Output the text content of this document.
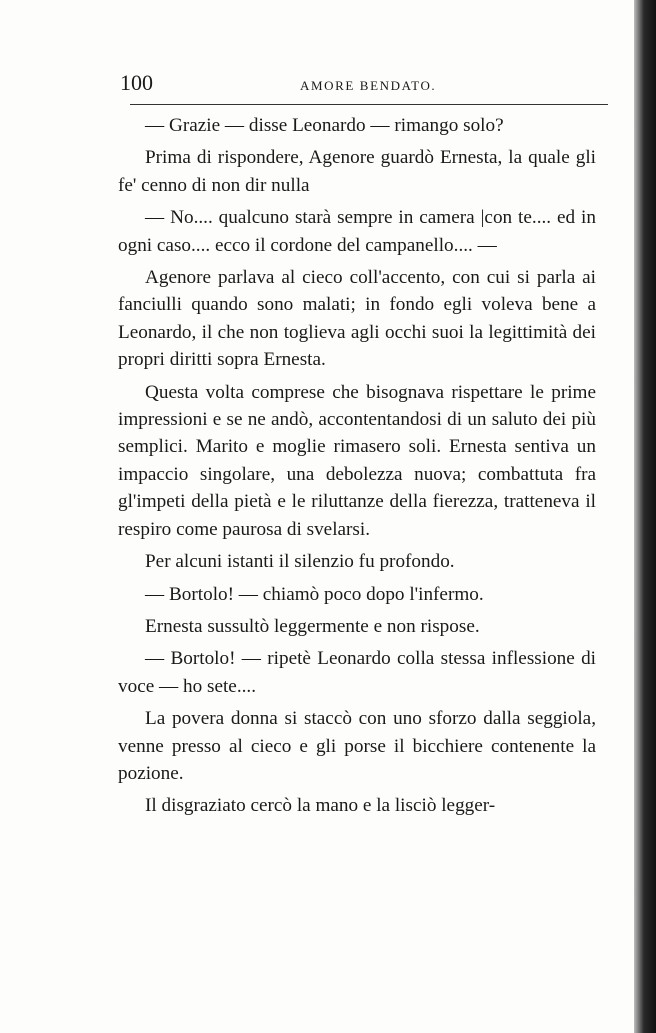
100	AMORE BENDATO.

— Grazie — disse Leonardo — rimango solo?

Prima di rispondere, Agenore guardò Ernesta, la quale gli fe' cenno di non dir nulla

— No.... qualcuno starà sempre in camera |con te.... ed in ogni caso.... ecco il cordone del campanello.... —

Agenore parlava al cieco coll'accento, con cui si parla ai fanciulli quando sono malati; in fondo egli voleva bene a Leonardo, il che non toglieva agli occhi suoi la legittimità dei propri diritti sopra Ernesta.

Questa volta comprese che bisognava rispettare le prime impressioni e se ne andò, accontentandosi di un saluto dei più semplici. Marito e moglie rimasero soli. Ernesta sentiva un impaccio singolare, una debolezza nuova; combattuta fra gl'impeti della pietà e le riluttanze della fierezza, tratteneva il respiro come paurosa di svelarsi.

Per alcuni istanti il silenzio fu profondo.

— Bortolo! — chiamò poco dopo l'infermo.

Ernesta sussultò leggermente e non rispose.

— Bortolo! — ripetè Leonardo colla stessa inflessione di voce — ho sete....

La povera donna si staccò con uno sforzo dalla seggiola, venne presso al cieco e gli porse il bicchiere contenente la pozione.

Il disgraziato cercò la mano e la lisciò legger-
